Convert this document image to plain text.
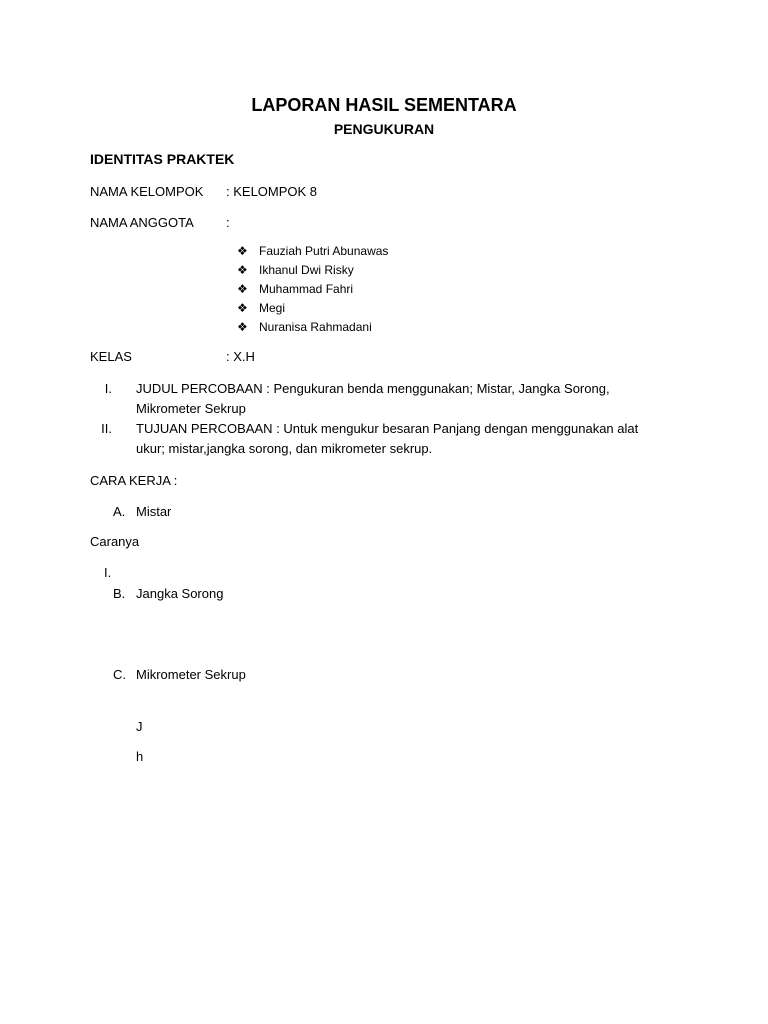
LAPORAN HASIL SEMENTARA
PENGUKURAN
IDENTITAS PRAKTEK
NAMA KELOMPOK : KELOMPOK 8
NAMA ANGGOTA :
❖ Fauziah Putri Abunawas
❖ Ikhanul Dwi Risky
❖ Muhammad Fahri
❖ Megi
❖ Nuranisa Rahmadani
KELAS	: X.H
I. JUDUL PERCOBAAN : Pengukuran benda menggunakan; Mistar, Jangka Sorong,
Mikrometer Sekrup
II. TUJUAN PERCOBAAN : Untuk mengukur besaran Panjang dengan menggunakan alat
ukur; mistar,jangka sorong, dan mikrometer sekrup.
CARA KERJA :
A. Mistar
Caranya
I.
B. Jangka Sorong
C. Mikrometer Sekrup
J
h
